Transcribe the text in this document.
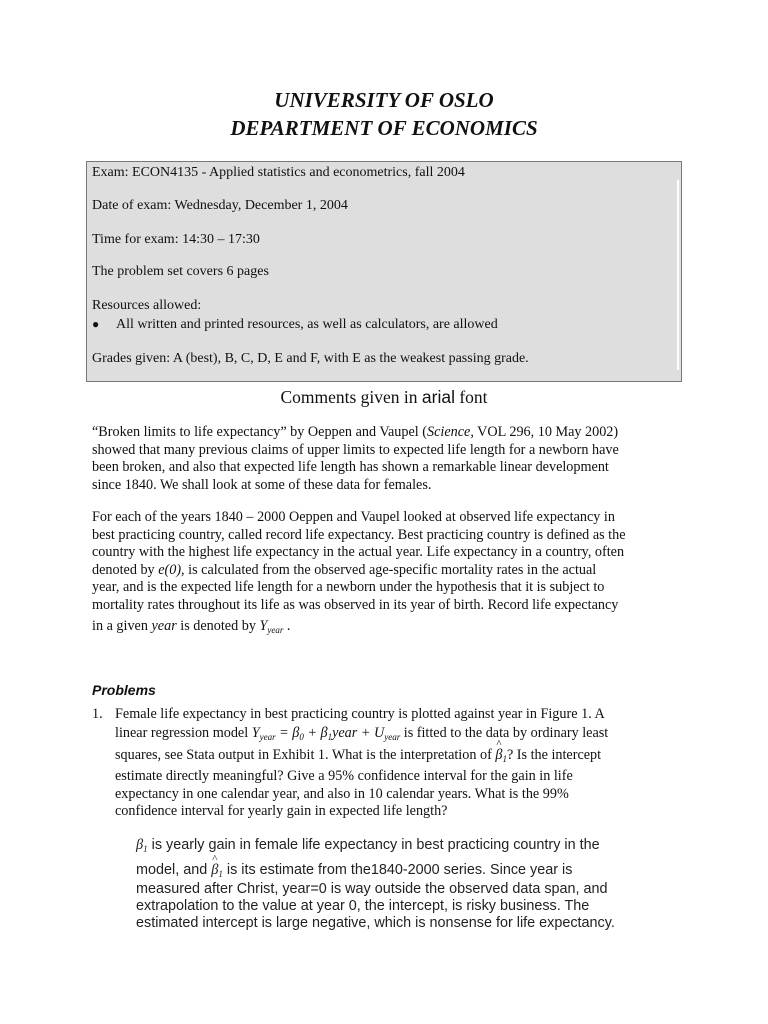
UNIVERSITY OF OSLO
DEPARTMENT OF ECONOMICS
Exam: ECON4135 - Applied statistics and econometrics, fall 2004
Date of exam: Wednesday, December 1, 2004
Time for exam: 14:30 – 17:30
The problem set covers 6 pages
Resources allowed:
● All written and printed resources, as well as calculators, are allowed
Grades given: A (best), B, C, D, E and F, with E as the weakest passing grade.
Comments given in arial font
“Broken limits to life expectancy” by Oeppen and Vaupel (Science, VOL 296, 10 May 2002)
showed that many previous claims of upper limits to expected life length for a newborn have
been broken, and also that expected life length has shown a remarkable linear development
since 1840. We shall look at some of these data for females.
For each of the years 1840 – 2000 Oeppen and Vaupel looked at observed life expectancy in
best practicing country, called record life expectancy. Best practicing country is defined as the
country with the highest life expectancy in the actual year. Life expectancy in a country, often
denoted by e(0), is calculated from the observed age-specific mortality rates in the actual
year, and is the expected life length for a newborn under the hypothesis that it is subject to
mortality rates throughout its life as was observed in its year of birth. Record life expectancy
in a given year is denoted by $Y_{year}$ .
Problems
1. Female life expectancy in best practicing country is plotted against year in Figure 1. A
linear regression model $Y_{year} = \beta_0$ + $\beta_1year + U_{year}$ is fitted to the data by ordinary least
squares, see Stata output in Exhibit 1. What is the interpretation of ^ $\beta_1$? Is the intercept
estimate directly meaningful? Give a 95% confidence interval for the gain in life
expectancy in one calendar year, and also in 10 calendar years. What is the 99%
confidence interval for yearly gain in expected life length?
$\beta_1$ is yearly gain in female life expectancy in best practicing country in the
model, and ^ $\beta_1$ is its estimate from the1840-2000 series. Since year is
measured after Christ, year=0 is way outside the observed data span, and
extrapolation to the value at year 0, the intercept, is risky business. The
estimated intercept is large negative, which is nonsense for life expectancy.
